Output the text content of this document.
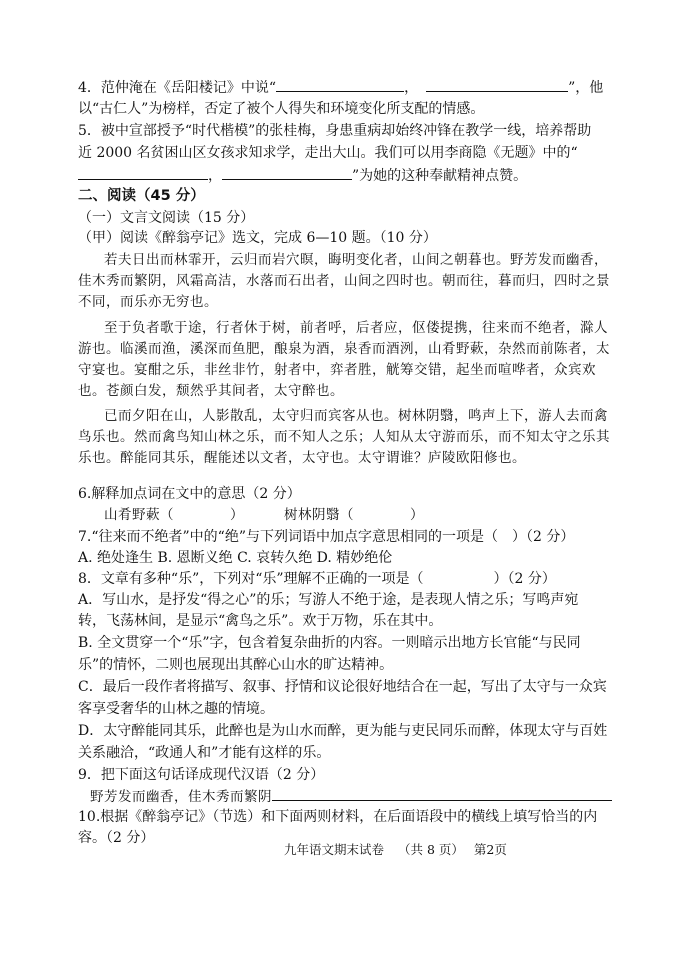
4．范仲淹在《岳阳楼记》中说“	，	”，他
以“古仁人”为榜样，否定了被个人得失和环境变化所支配的情感。
5．被中宣部授予“时代楷模”的张桂梅，身患重病却始终冲锋在教学一线，培养帮助
近 2000 名贫困山区女孩求知求学，走出大山。我们可以用李商隐《无题》中的“
，	”为她的这种奉献精神点赞。
二、阅读（45 分）
（一）文言文阅读（15 分）
（甲）阅读《醉翁亭记》选文，完成 6—10 题。（10 分）
若夫日出而林霏开，云归而岩穴暝，晦明变化者，山间之朝暮也。野芳发而幽香，
佳木秀而繁阴，风霜高洁，水落而石出者，山间之四时也。朝而往，暮而归，四时之景
不同，而乐亦无穷也。
至于负者歌于途，行者休于树，前者呼，后者应，伛偻提携，往来而不绝者，滁人
游也。临溪而渔，溪深而鱼肥，酿泉为酒，泉香而酒洌，山肴野蔌，杂然而前陈者，太
守宴也。宴酣之乐，非丝非竹，射者中，弈者胜，觥筹交错，起坐而喧哗者，众宾欢
也。苍颜白发，颓然乎其间者，太守醉也。
已而夕阳在山，人影散乱，太守归而宾客从也。树林阴翳，鸣声上下，游人去而禽
鸟乐也。然而禽鸟知山林之乐，而不知人之乐；人知从太守游而乐，而不知太守之乐其
乐也。醉能同其乐，醒能述以文者，太守也。太守谓谁？庐陵欧阳修也。
6.解释加点词在文中的意思（2 分）
山肴野蔌（	）	树林阴翳（	）
7.“往来而不绝者”中的“绝”与下列词语中加点字意思相同的一项是（　）（2 分）
A. 绝处逢生 B. 恩断义绝 C. 哀转久绝 D. 精妙绝伦
8．文章有多种“乐”，下列对“乐”理解不正确的一项是（	）（2 分）
A．写山水，是抒发“得之心”的乐；写游人不绝于途，是表现人情之乐；写鸣声宛
转，飞荡林间，是显示“禽鸟之乐”。欢于万物，乐在其中。
B. 全文贯穿一个“乐”字，包含着复杂曲折的内容。一则暗示出地方长官能“与民同
乐”的情怀，二则也展现出其醉心山水的旷达精神。
C．最后一段作者将描写、叙事、抒情和议论很好地结合在一起，写出了太守与一众宾
客享受奢华的山林之趣的情境。
D．太守醉能同其乐，此醉也是为山水而醉，更为能与吏民同乐而醉，体现太守与百姓
关系融洽，“政通人和”才能有这样的乐。
9．把下面这句话译成现代汉语（2 分）
野芳发而幽香，佳木秀而繁阴
10.根据《醉翁亭记》（节选）和下面两则材料，在后面语段中的横线上填写恰当的内
容。（2 分）
九年语文期末试卷 （共 8 页） 第2页
